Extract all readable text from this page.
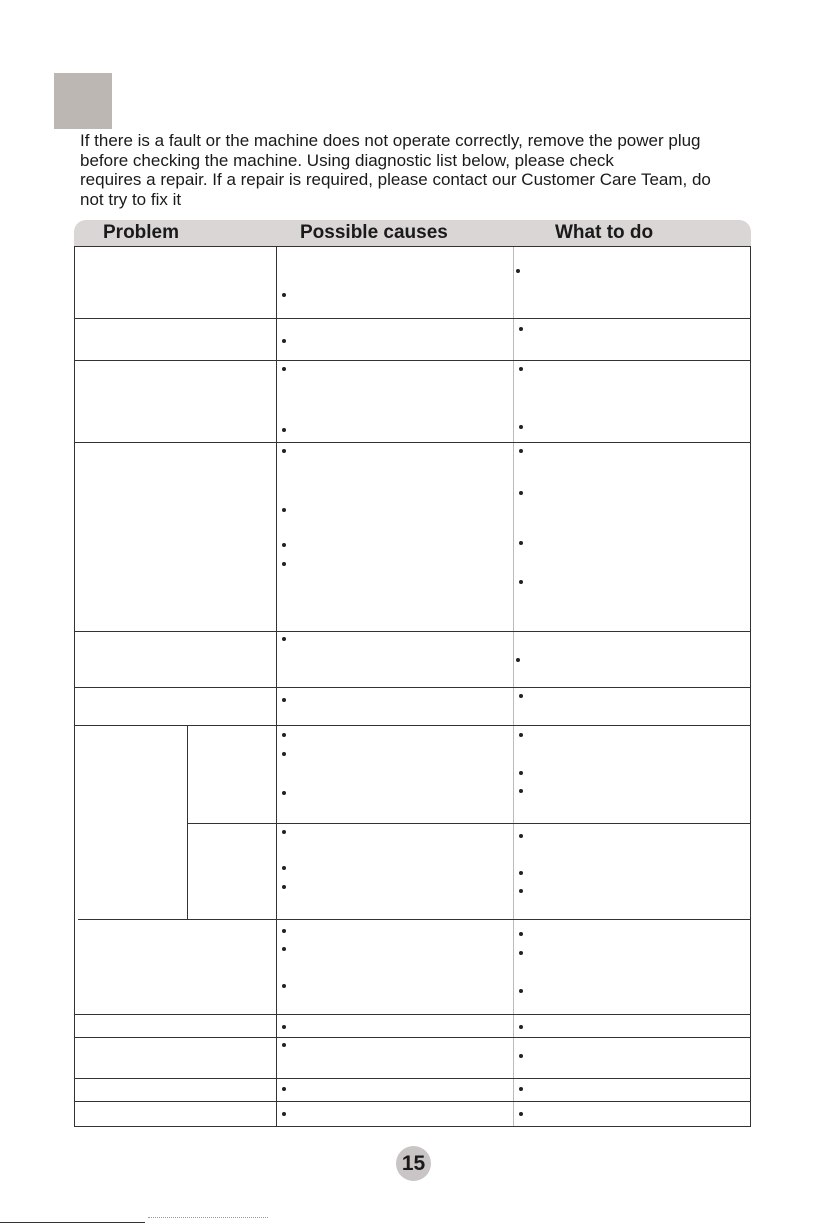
If there is a fault or the machine does not operate correctly, remove the power plug
before checking the machine. Using diagnostic list below, please check
requires a repair. If a repair is required, please contact our Customer Care Team, do
not try to fix it
Problem	Possible causes	What to do
15
